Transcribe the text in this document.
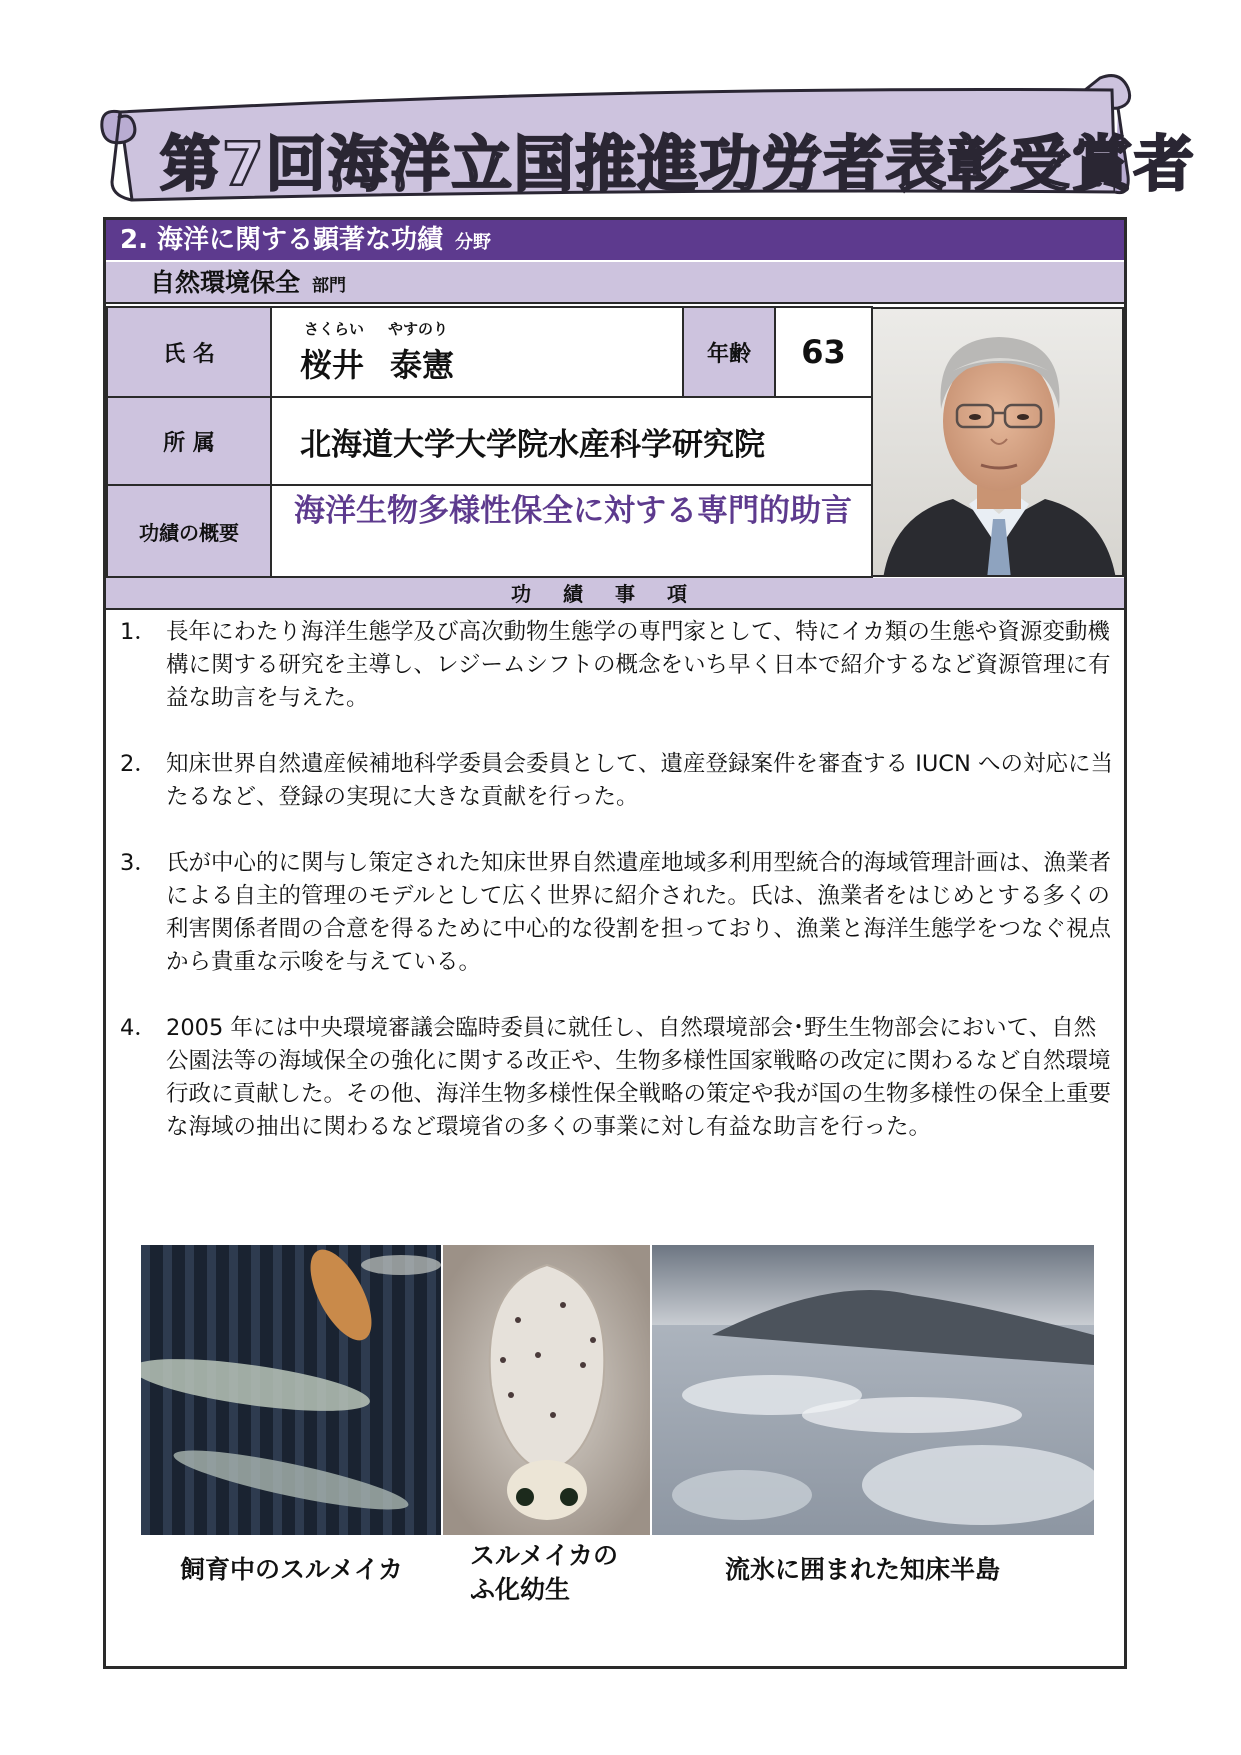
第7回海洋立国推進功労者表彰受賞者
2. 海洋に関する顕著な功績 分野
自然環境保全 部門
氏 名
さくらい やすのり
桜井 泰憲	年齢	63
所 属	北海道大学大学院水産科学研究院
功績の概要
海洋生物多様性保全に対する専門的助言
功績事項
1． 長年にわたり海洋生態学及び高次動物生態学の専門家として、特にイカ類の生態や資源変動機構に関する研究を主導し、レジームシフトの概念をいち早く日本で紹介するなど資源管理に有益な助言を与えた。
2． 知床世界自然遺産候補地科学委員会委員として、遺産登録案件を審査する IUCN への対応に当たるなど、登録の実現に大きな貢献を行った。
3． 氏が中心的に関与し策定された知床世界自然遺産地域多利用型統合的海域管理計画は、漁業者による自主的管理のモデルとして広く世界に紹介された。氏は、漁業者をはじめとする多くの利害関係者間の合意を得るために中心的な役割を担っており、漁業と海洋生態学をつなぐ視点から貴重な示唆を与えている。
4． 2005 年には中央環境審議会臨時委員に就任し、自然環境部会･野生生物部会において、自然公園法等の海域保全の強化に関する改正や、生物多様性国家戦略の改定に関わるなど自然環境行政に貢献した。その他、海洋生物多様性保全戦略の策定や我が国の生物多様性の保全上重要な海域の抽出に関わるなど環境省の多くの事業に対し有益な助言を行った。
飼育中のスルメイカ	スルメイカの
ふ化幼生
流氷に囲まれた知床半島
